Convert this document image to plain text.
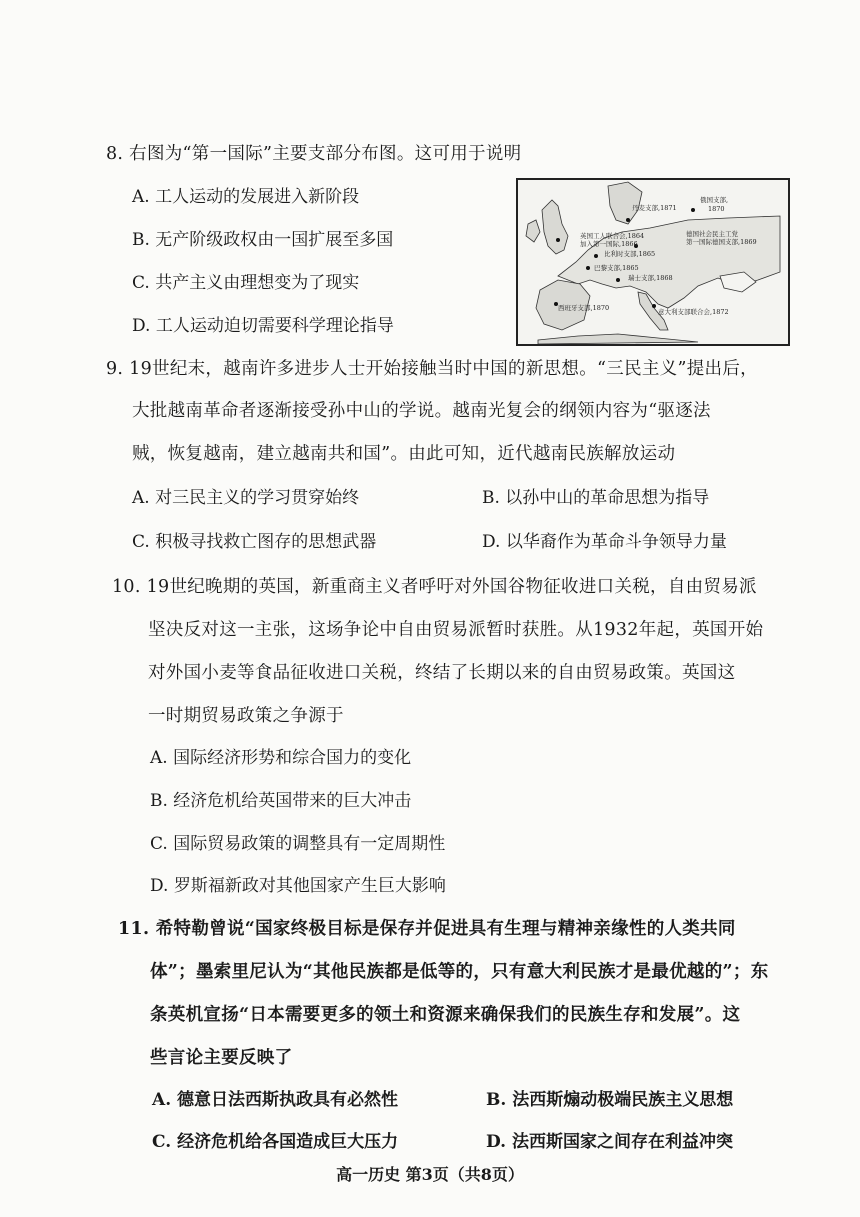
8. 右图为“第一国际”主要支部分布图。这可用于说明
A. 工人运动的发展进入新阶段
B. 无产阶级政权由一国扩展至多国
C. 共产主义由理想变为了现实
D. 工人运动迫切需要科学理论指导
丹麦支部,1871
俄国支部,
1870
英国工人联合会,1864
加入第一国际,1866
德国社会民主工党
第一国际德国支部,1869
比利时支部,1865
巴黎支部,1865
瑞士支部,1868
西班牙支部,1870	意大利支部联合会,1872
9. 19世纪末，越南许多进步人士开始接触当时中国的新思想。“三民主义”提出后，
大批越南革命者逐渐接受孙中山的学说。越南光复会的纲领内容为“驱逐法
贼，恢复越南，建立越南共和国”。由此可知，近代越南民族解放运动
A. 对三民主义的学习贯穿始终	B. 以孙中山的革命思想为指导
C. 积极寻找救亡图存的思想武器	D. 以华裔作为革命斗争领导力量
10. 19世纪晚期的英国，新重商主义者呼吁对外国谷物征收进口关税，自由贸易派
坚决反对这一主张，这场争论中自由贸易派暂时获胜。从1932年起，英国开始
对外国小麦等食品征收进口关税，终结了长期以来的自由贸易政策。英国这
一时期贸易政策之争源于
A. 国际经济形势和综合国力的变化
B. 经济危机给英国带来的巨大冲击
C. 国际贸易政策的调整具有一定周期性
D. 罗斯福新政对其他国家产生巨大影响
11. 希特勒曾说“国家终极目标是保存并促进具有生理与精神亲缘性的人类共同
体”；墨索里尼认为“其他民族都是低等的，只有意大利民族才是最优越的”；东
条英机宣扬“日本需要更多的领土和资源来确保我们的民族生存和发展”。这
些言论主要反映了
A. 德意日法西斯执政具有必然性	B. 法西斯煽动极端民族主义思想
C. 经济危机给各国造成巨大压力	D. 法西斯国家之间存在利益冲突
高一历史 第3页（共8页）
